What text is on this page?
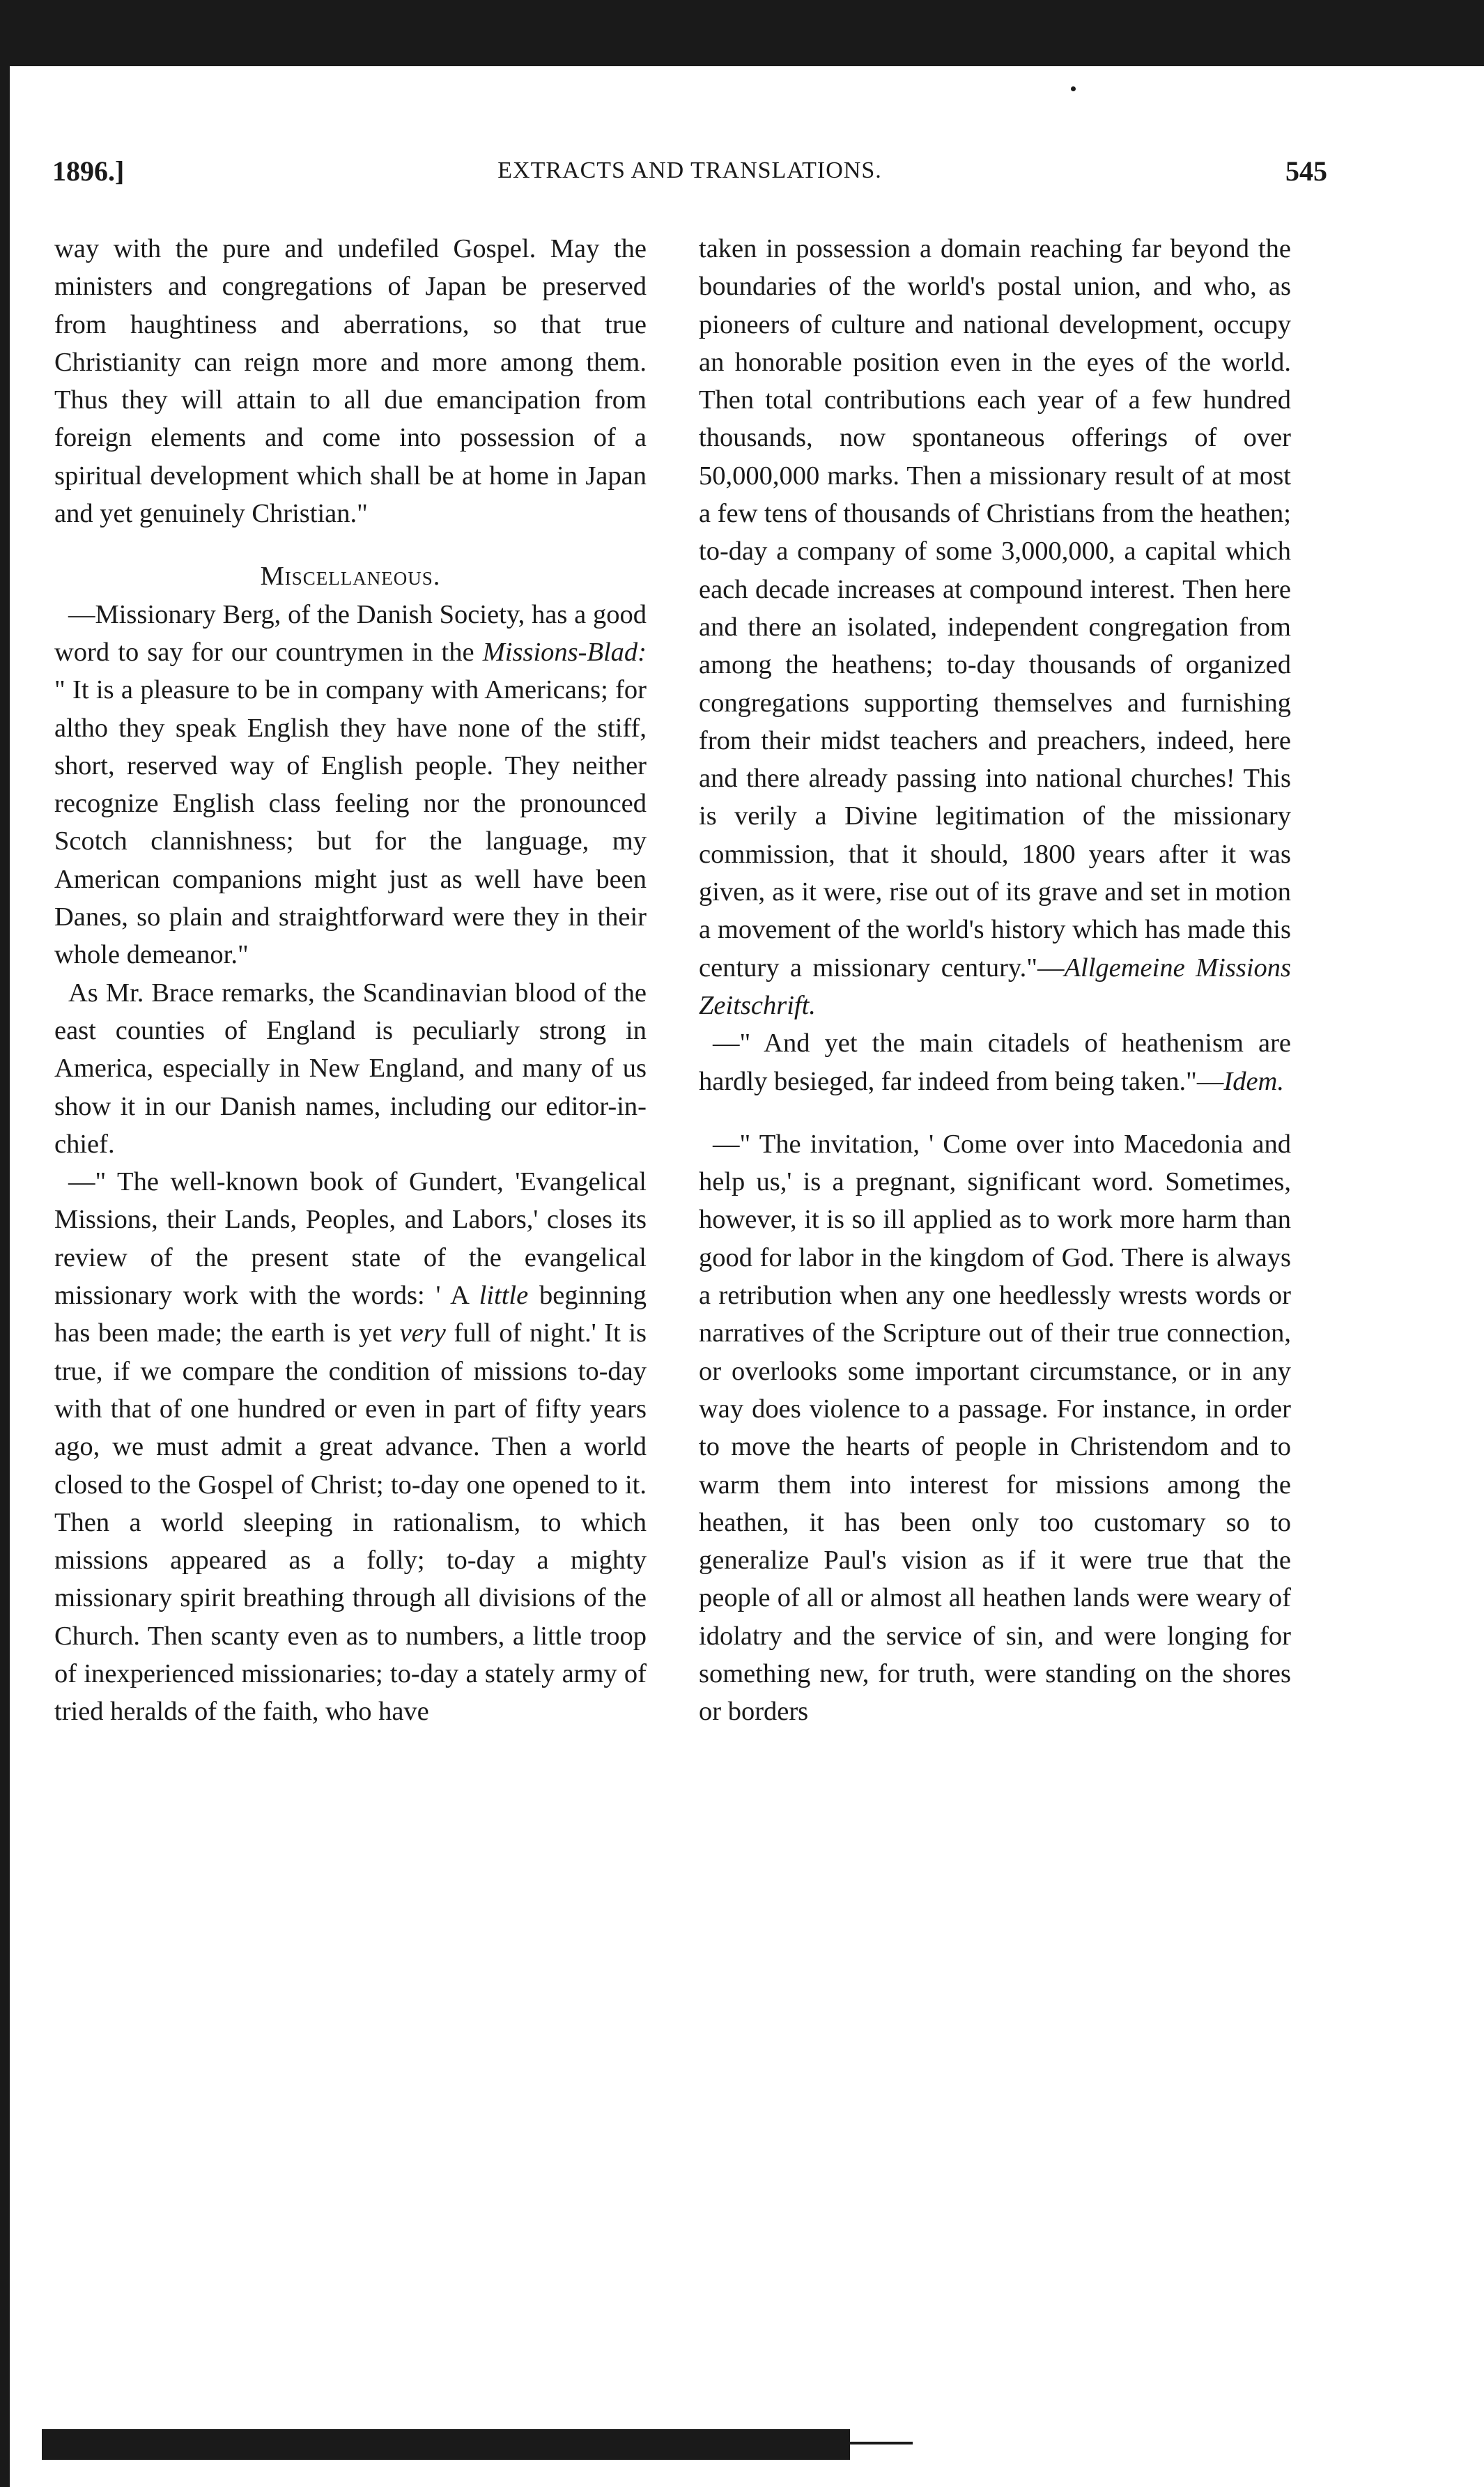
1896.]	EXTRACTS AND TRANSLATIONS.	545

way with the pure and undefiled Gospel. May the ministers and congregations of Japan be preserved from haughtiness and aberrations, so that true Christianity can reign more and more among them. Thus they will attain to all due emancipation from foreign elements and come into possession of a spiritual development which shall be at home in Japan and yet genuinely Christian."

Miscellaneous.

—Missionary Berg, of the Danish Society, has a good word to say for our countrymen in the Missions-Blad: " It is a pleasure to be in company with Americans; for altho they speak English they have none of the stiff, short, reserved way of English people. They neither recognize English class feeling nor the pronounced Scotch clannishness; but for the language, my American companions might just as well have been Danes, so plain and straightforward were they in their whole demeanor."

As Mr. Brace remarks, the Scandinavian blood of the east counties of England is peculiarly strong in America, especially in New England, and many of us show it in our Danish names, including our editor-in-chief.

—" The well-known book of Gundert, 'Evangelical Missions, their Lands, Peoples, and Labors,' closes its review of the present state of the evangelical missionary work with the words: ' A little beginning has been made; the earth is yet very full of night.' It is true, if we compare the condition of missions to-day with that of one hundred or even in part of fifty years ago, we must admit a great advance. Then a world closed to the Gospel of Christ; to-day one opened to it. Then a world sleeping in rationalism, to which missions appeared as a folly; to-day a mighty missionary spirit breathing through all divisions of the Church. Then scanty even as to numbers, a little troop of inexperienced missionaries; to-day a stately army of tried heralds of the faith, who have

taken in possession a domain reaching far beyond the boundaries of the world's postal union, and who, as pioneers of culture and national development, occupy an honorable position even in the eyes of the world. Then total contributions each year of a few hundred thousands, now spontaneous offerings of over 50,000,000 marks. Then a missionary result of at most a few tens of thousands of Christians from the heathen; to-day a company of some 3,000,000, a capital which each decade increases at compound interest. Then here and there an isolated, independent congregation from among the heathens; to-day thousands of organized congregations supporting themselves and furnishing from their midst teachers and preachers, indeed, here and there already passing into national churches! This is verily a Divine legitimation of the missionary commission, that it should, 1800 years after it was given, as it were, rise out of its grave and set in motion a movement of the world's history which has made this century a missionary century."—Allgemeine Missions Zeitschrift.

—" And yet the main citadels of heathenism are hardly besieged, far indeed from being taken."—Idem.

—" The invitation, ' Come over into Macedonia and help us,' is a pregnant, significant word. Sometimes, however, it is so ill applied as to work more harm than good for labor in the kingdom of God. There is always a retribution when any one heedlessly wrests words or narratives of the Scripture out of their true connection, or overlooks some important circumstance, or in any way does violence to a passage. For instance, in order to move the hearts of people in Christendom and to warm them into interest for missions among the heathen, it has been only too customary so to generalize Paul's vision as if it were true that the people of all or almost all heathen lands were weary of idolatry and the service of sin, and were longing for something new, for truth, were standing on the shores or borders
